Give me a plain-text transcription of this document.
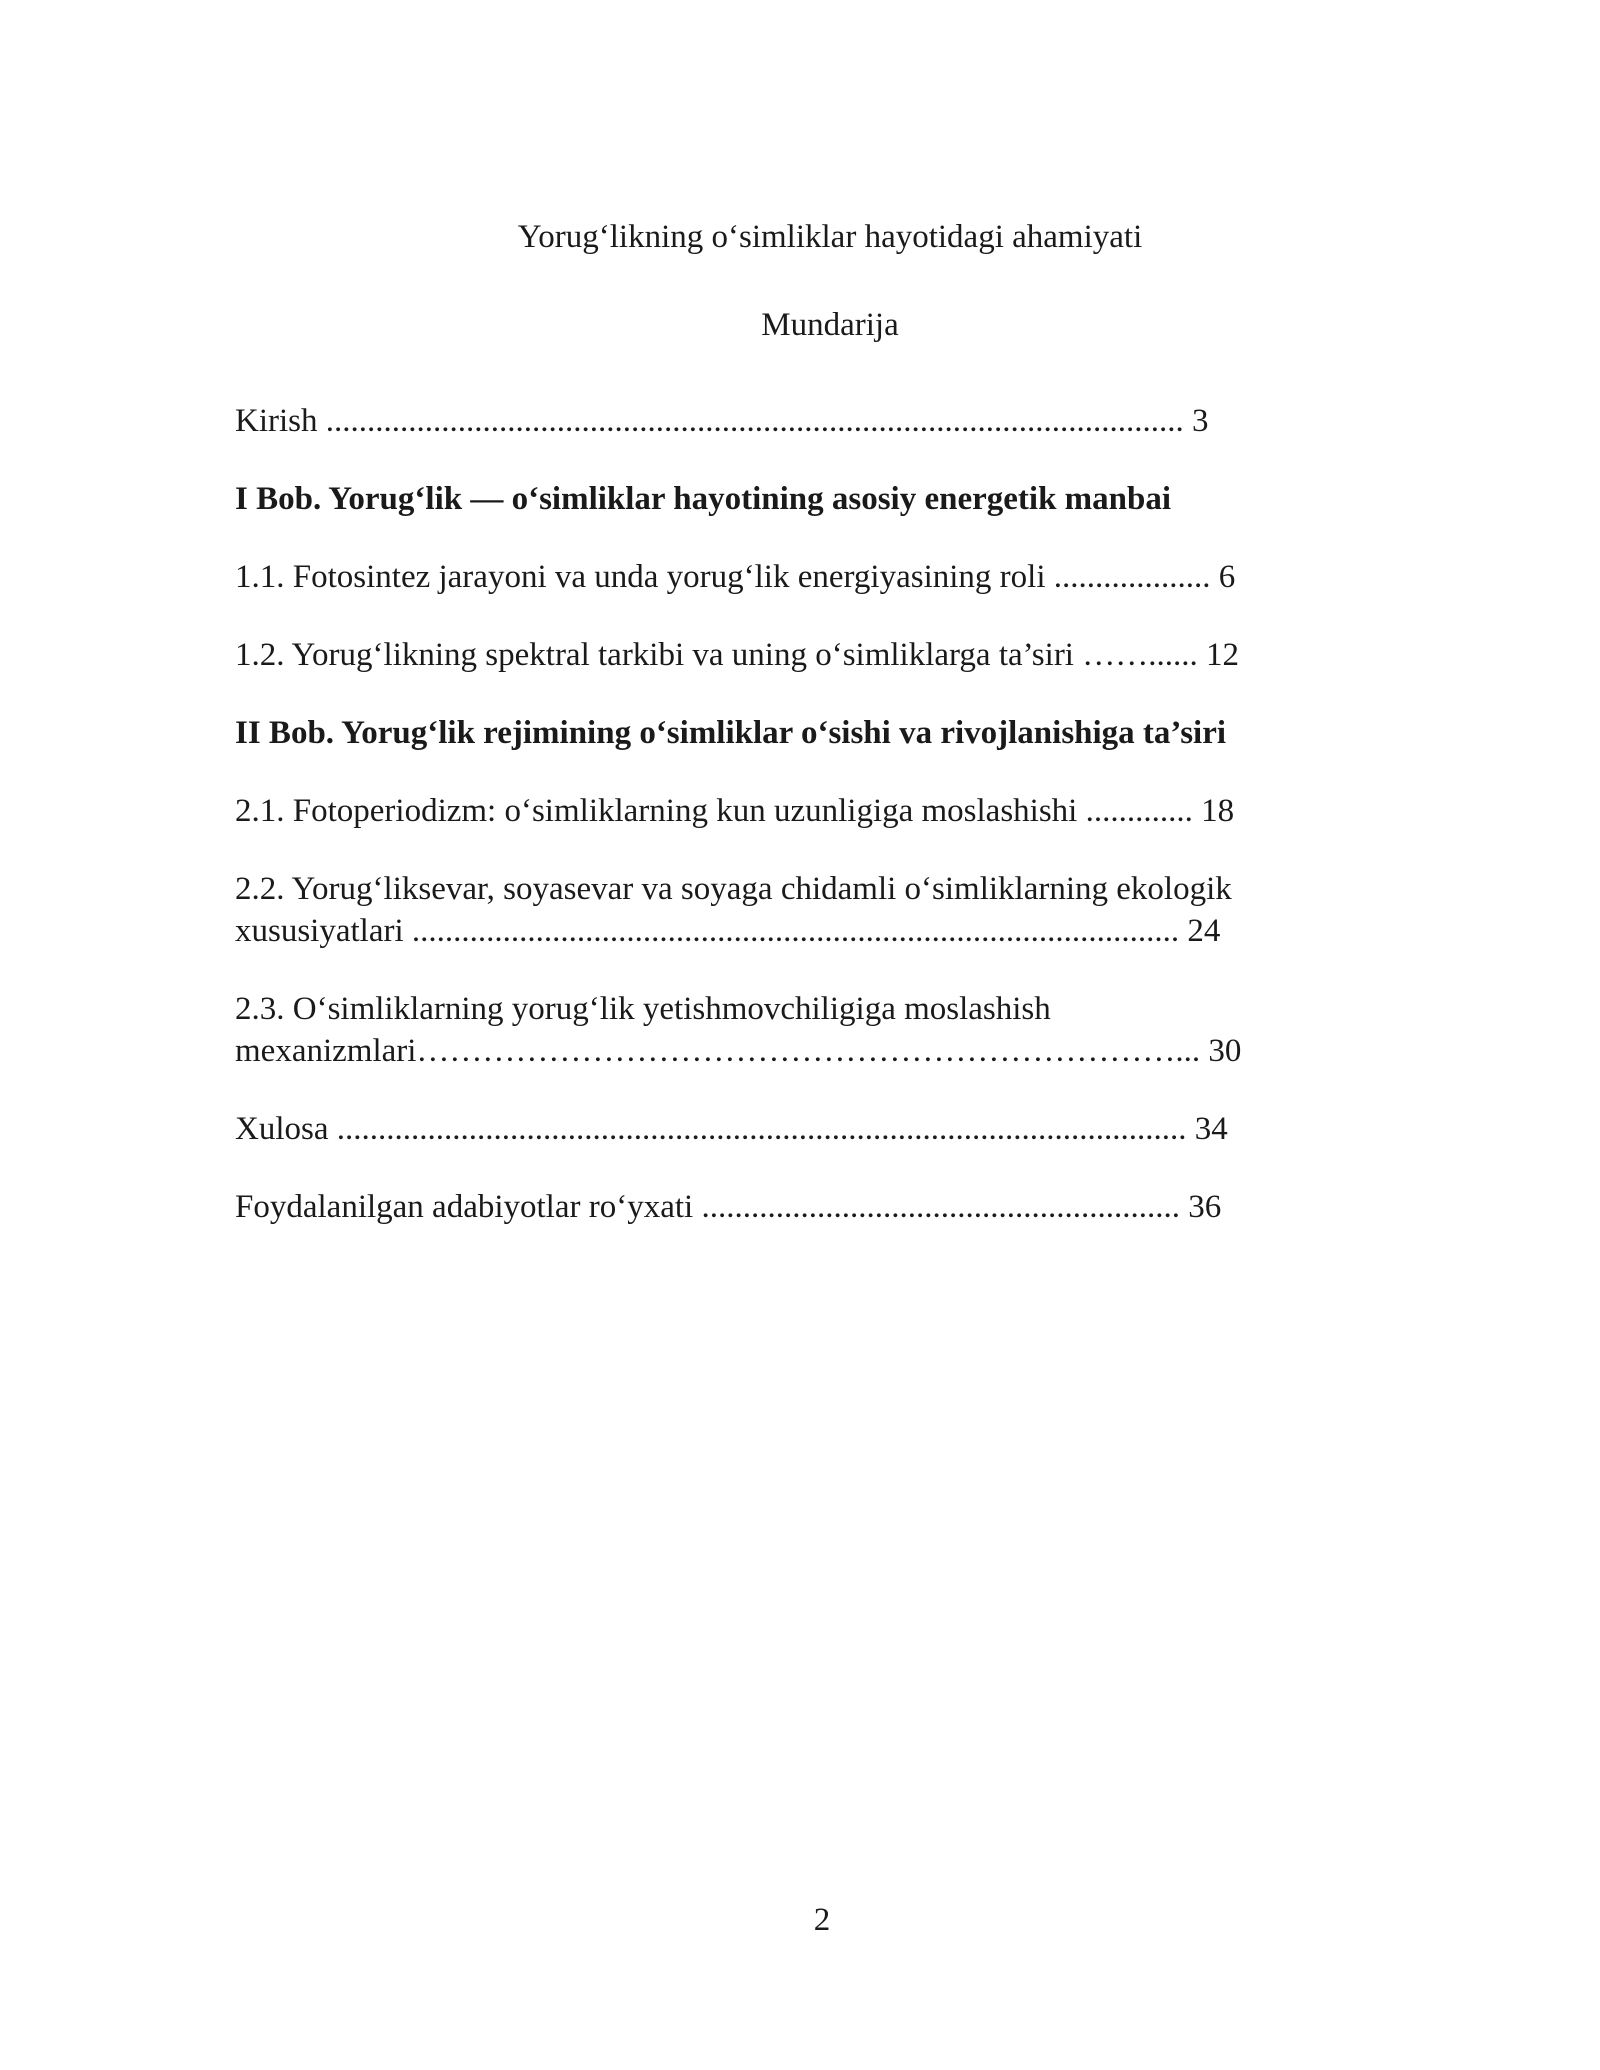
Yorug‘likning o‘simliklar hayotidagi ahamiyati
Mundarija
Kirish ........................................................................................................ 3
I Bob. Yorug‘lik — o‘simliklar hayotining asosiy energetik manbai
1.1. Fotosintez jarayoni va unda yorug‘lik energiyasining roli ................... 6
1.2. Yorug‘likning spektral tarkibi va uning o‘simliklarga ta’siri ……...... 12
II Bob. Yorug‘lik rejimining o‘simliklar o‘sishi va rivojlanishiga ta’siri
2.1. Fotoperiodizm: o‘simliklarning kun uzunligiga moslashishi ............. 18
2.2. Yorug‘liksevar, soyasevar va soyaga chidamli o‘simliklarning ekologik
xususiyatlari ............................................................................................. 24
2.3. O‘simliklarning yorug‘lik yetishmovchiligiga moslashish
mexanizmlari……………………………………………………………... 30
Xulosa ....................................................................................................... 34
Foydalanilgan adabiyotlar ro‘yxati .......................................................... 36
2
